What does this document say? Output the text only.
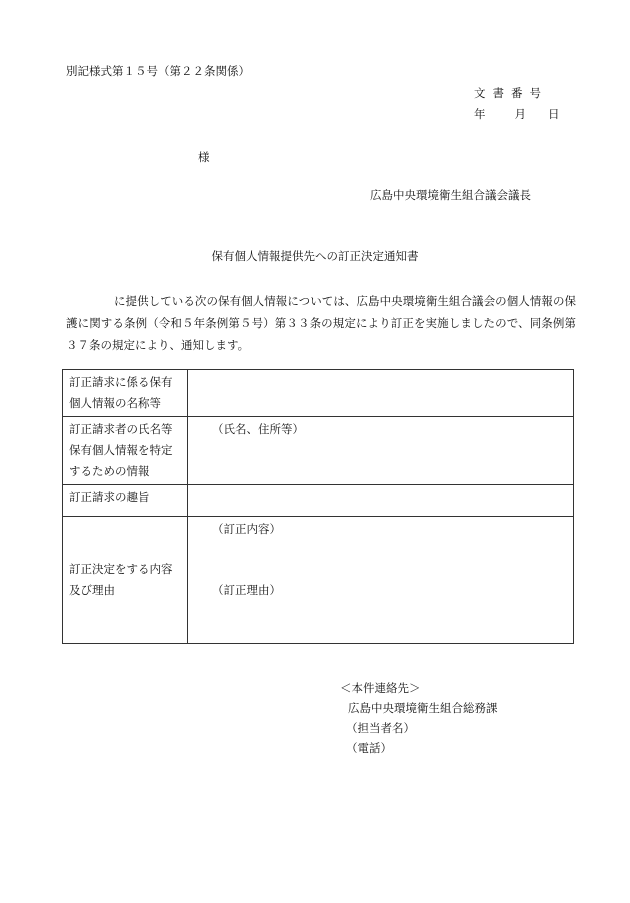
別記様式第１５号（第２２条関係）
文書番号
年	月 日
様
広島中央環境衛生組合議会議長
保有個人情報提供先への訂正決定通知書
に提供している次の保有個人情報については、広島中央環境衛生組合議会の個人情報の保護に関する条例（令和５年条例第５号）第３３条の規定により訂正を実施しましたので、同条例第３７条の規定により、通知します。
訂正請求に係る保有個人情報の名称等	
訂正請求者の氏名等保有個人情報を特定するための情報	（氏名、住所等）
訂正請求の趣旨	
訂正決定をする内容及び理由	（訂正内容）
（訂正理由）
＜本件連絡先＞
広島中央環境衛生組合総務課
（担当者名）
（電話）
